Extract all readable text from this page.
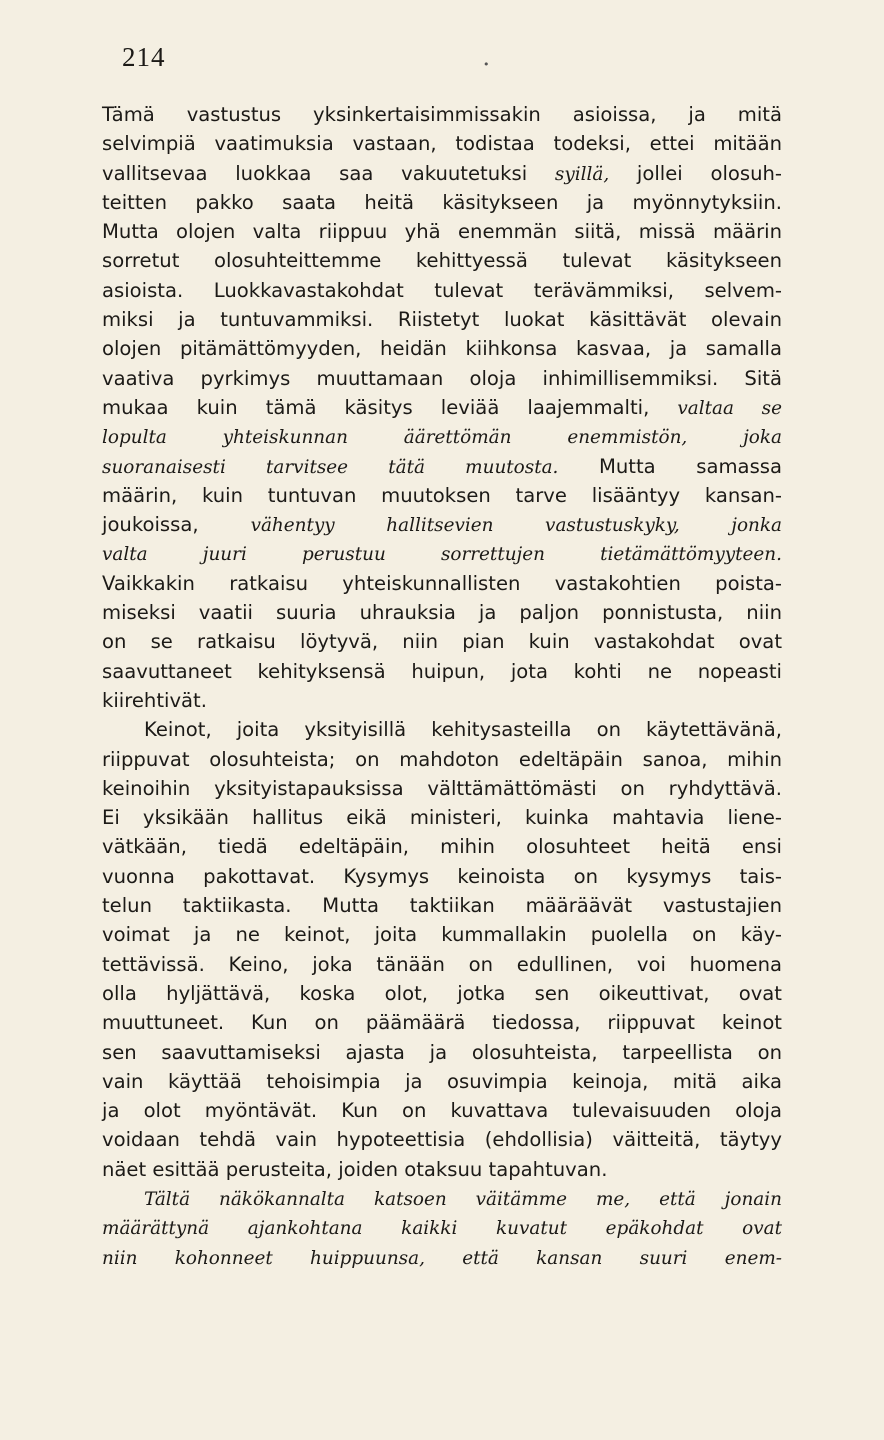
214	•
Tämä vastustus yksinkertaisimmissakin asioissa, ja mitä
selvimpiä vaatimuksia vastaan, todistaa todeksi, ettei mitään
vallitsevaa luokkaa saa vakuutetuksi syillä, jollei olosuh-
teitten pakko saata heitä käsitykseen ja myönnytyksiin.
Mutta olojen valta riippuu yhä enemmän siitä, missä määrin
sorretut olosuhteittemme kehittyessä tulevat käsitykseen
asioista. Luokkavastakohdat tulevat terävämmiksi, selvem-
miksi ja tuntuvammiksi. Riistetyt luokat käsittävät olevain
olojen pitämättömyyden, heidän kiihkonsa kasvaa, ja samalla
vaativa pyrkimys muuttamaan oloja inhimillisemmiksi. Sitä
mukaa kuin tämä käsitys leviää laajemmalti, valtaa se
lopulta yhteiskunnan äärettömän enemmistön, joka
suoranaisesti tarvitsee tätä muutosta. Mutta samassa
määrin, kuin tuntuvan muutoksen tarve lisääntyy kansan-
joukoissa, vähentyy hallitsevien vastustuskyky, jonka
valta juuri perustuu sorrettujen tietämättömyyteen.
Vaikkakin ratkaisu yhteiskunnallisten vastakohtien poista-
miseksi vaatii suuria uhrauksia ja paljon ponnistusta, niin
on se ratkaisu löytyvä, niin pian kuin vastakohdat ovat
saavuttaneet kehityksensä huipun, jota kohti ne nopeasti
kiirehtivät.
Keinot, joita yksityisillä kehitysasteilla on käytettävänä,
riippuvat olosuhteista; on mahdoton edeltäpäin sanoa, mihin
keinoihin yksityistapauksissa välttämättömästi on ryhdyttävä.
Ei yksikään hallitus eikä ministeri, kuinka mahtavia liene-
vätkään, tiedä edeltäpäin, mihin olosuhteet heitä ensi
vuonna pakottavat. Kysymys keinoista on kysymys tais-
telun taktiikasta. Mutta taktiikan määräävät vastustajien
voimat ja ne keinot, joita kummallakin puolella on käy-
tettävissä. Keino, joka tänään on edullinen, voi huomena
olla hyljättävä, koska olot, jotka sen oikeuttivat, ovat
muuttuneet. Kun on päämäärä tiedossa, riippuvat keinot
sen saavuttamiseksi ajasta ja olosuhteista, tarpeellista on
vain käyttää tehoisimpia ja osuvimpia keinoja, mitä aika
ja olot myöntävät. Kun on kuvattava tulevaisuuden oloja
voidaan tehdä vain hypoteettisia (ehdollisia) väitteitä, täytyy
näet esittää perusteita, joiden otaksuu tapahtuvan.
Tältä näkökannalta katsoen väitämme me, että jonain
määrättynä ajankohtana kaikki kuvatut epäkohdat ovat
niin kohonneet huippuunsa, että kansan suuri enem-
